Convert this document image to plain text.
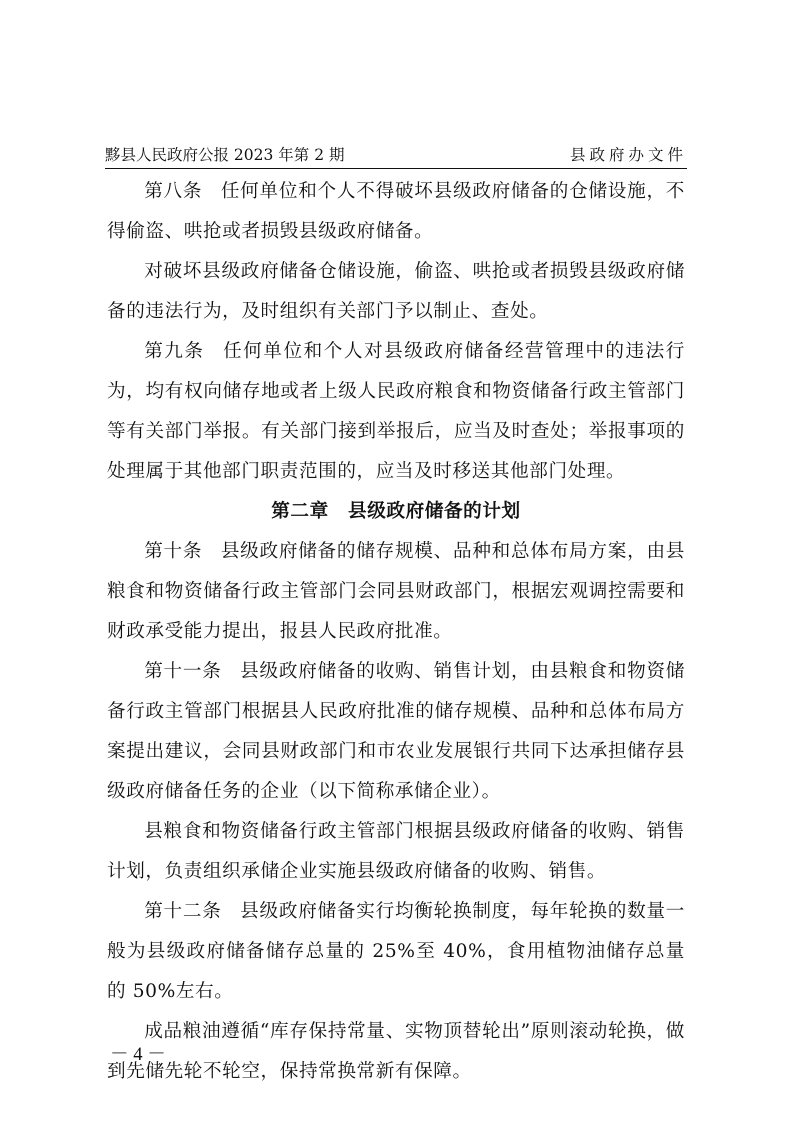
黟县人民政府公报 2023 年第 2 期	县政府办文件

第八条 任何单位和个人不得破坏县级政府储备的仓储设施，不得偷盗、哄抢或者损毁县级政府储备。

对破坏县级政府储备仓储设施，偷盗、哄抢或者损毁县级政府储备的违法行为，及时组织有关部门予以制止、查处。

第九条 任何单位和个人对县级政府储备经营管理中的违法行为，均有权向储存地或者上级人民政府粮食和物资储备行政主管部门等有关部门举报。有关部门接到举报后，应当及时查处；举报事项的处理属于其他部门职责范围的，应当及时移送其他部门处理。

第二章　县级政府储备的计划

第十条 县级政府储备的储存规模、品种和总体布局方案，由县粮食和物资储备行政主管部门会同县财政部门，根据宏观调控需要和财政承受能力提出，报县人民政府批准。

第十一条 县级政府储备的收购、销售计划，由县粮食和物资储备行政主管部门根据县人民政府批准的储存规模、品种和总体布局方案提出建议，会同县财政部门和市农业发展银行共同下达承担储存县级政府储备任务的企业（以下简称承储企业）。

县粮食和物资储备行政主管部门根据县级政府储备的收购、销售计划，负责组织承储企业实施县级政府储备的收购、销售。

第十二条 县级政府储备实行均衡轮换制度，每年轮换的数量一般为县级政府储备储存总量的 25%至 40%，食用植物油储存总量的 50%左右。

成品粮油遵循“库存保持常量、实物顶替轮出”原则滚动轮换，做到先储先轮不轮空，保持常换常新有保障。

－ 4 －
